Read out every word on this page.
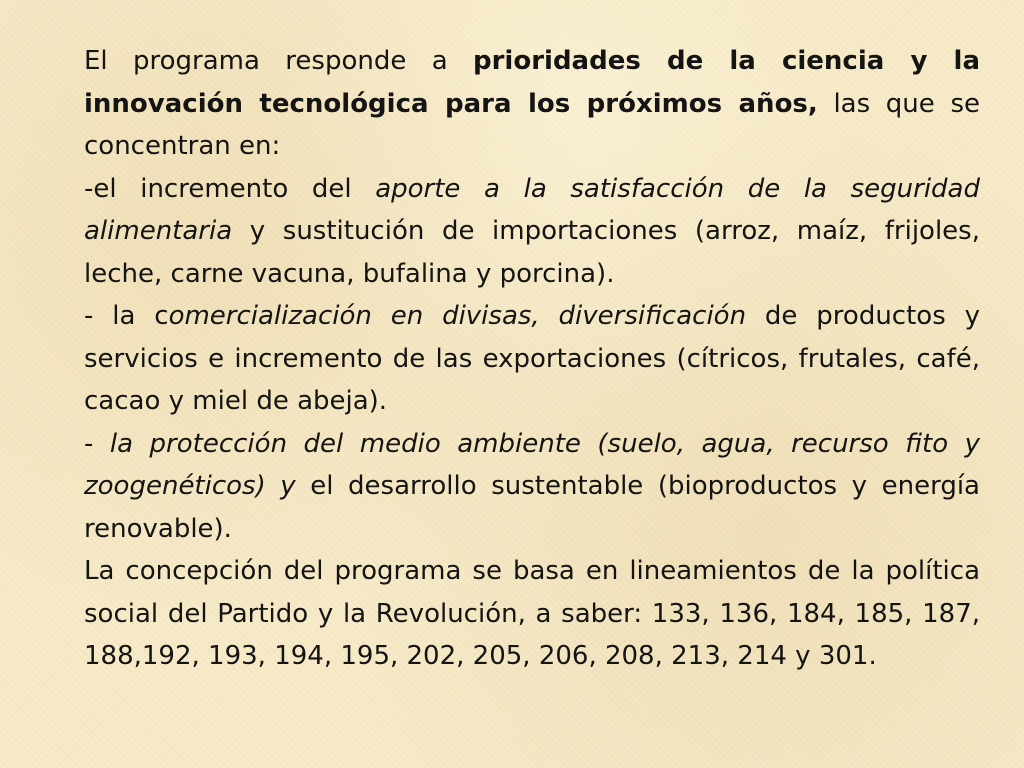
El programa responde a prioridades de la ciencia y la innovación tecnológica para los próximos años, las que se concentran en:

-el incremento del aporte a la satisfacción de la seguridad alimentaria y sustitución de importaciones (arroz, maíz, frijoles, leche, carne vacuna, bufalina y porcina).

- la comercialización en divisas, diversificación de productos y servicios e incremento de las exportaciones (cítricos, frutales, café, cacao y miel de abeja).

- la protección del medio ambiente (suelo, agua, recurso fito y zoogenéticos) y el desarrollo sustentable (bioproductos y energía renovable).

La concepción del programa se basa en lineamientos de la política social del Partido y la Revolución, a saber: 133, 136, 184, 185, 187, 188,192, 193, 194, 195, 202, 205, 206, 208, 213, 214 y 301.
